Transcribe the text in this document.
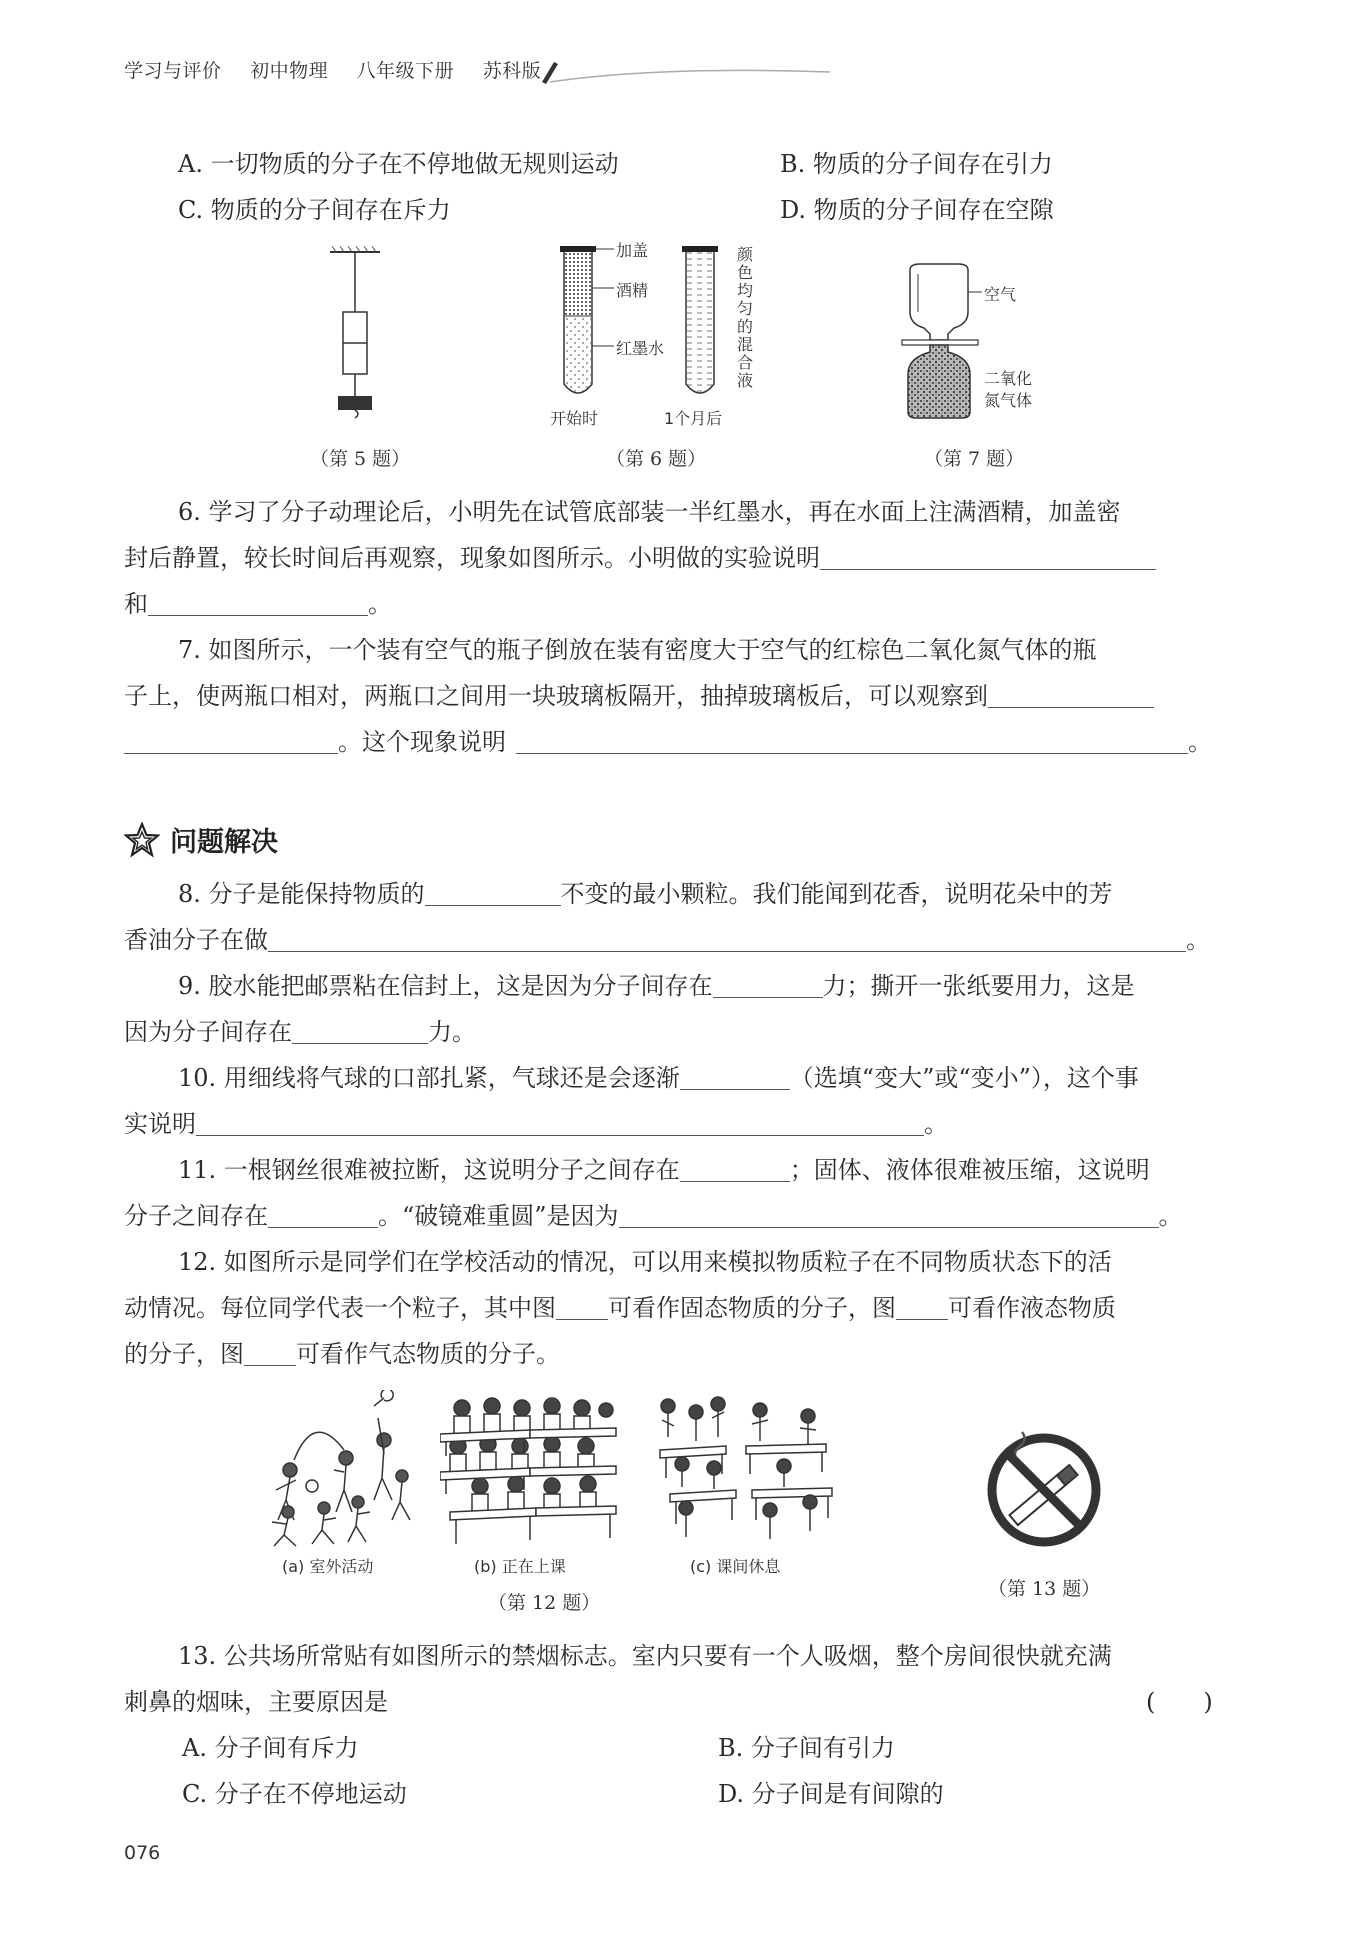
学习与评价 初中物理 八年级下册 苏科版
A. 一切物质的分子在不停地做无规则运动	B. 物质的分子间存在引力
C. 物质的分子间存在斥力	D. 物质的分子间存在空隙
（第 5 题）
加盖
酒精
红墨水
开始时	1个月后
颜色均匀的混合液
（第 6 题）
空气
二氧化
氮气体
（第 7 题）
6. 学习了分子动理论后，小明先在试管底部装一半红墨水，再在水面上注满酒精，加盖密
封后静置，较长时间后再观察，现象如图所示。小明做的实验说明
和	。
7. 如图所示，一个装有空气的瓶子倒放在装有密度大于空气的红棕色二氧化氮气体的瓶
子上，使两瓶口相对，两瓶口之间用一块玻璃板隔开，抽掉玻璃板后，可以观察到
。这个现象说明	。
问题解决
8. 分子是能保持物质的	不变的最小颗粒。我们能闻到花香，说明花朵中的芳
香油分子在做	。
9. 胶水能把邮票粘在信封上，这是因为分子间存在	力；撕开一张纸要用力，这是
因为分子间存在	力。
10. 用细线将气球的口部扎紧，气球还是会逐渐	（选填“变大”或“变小”），这个事
实说明	。
11. 一根钢丝很难被拉断，这说明分子之间存在	；固体、液体很难被压缩，这说明
分子之间存在	。“破镜难重圆”是因为	。
12. 如图所示是同学们在学校活动的情况，可以用来模拟物质粒子在不同物质状态下的活
动情况。每位同学代表一个粒子，其中图 可看作固态物质的分子，图 可看作液态物质
的分子，图 可看作气态物质的分子。
(a) 室外活动	(b) 正在上课	(c) 课间休息
（第 12 题）
（第 13 题）
13. 公共场所常贴有如图所示的禁烟标志。室内只要有一个人吸烟，整个房间很快就充满
刺鼻的烟味，主要原因是	(　　)
A. 分子间有斥力	B. 分子间有引力
C. 分子在不停地运动	D. 分子间是有间隙的
076
